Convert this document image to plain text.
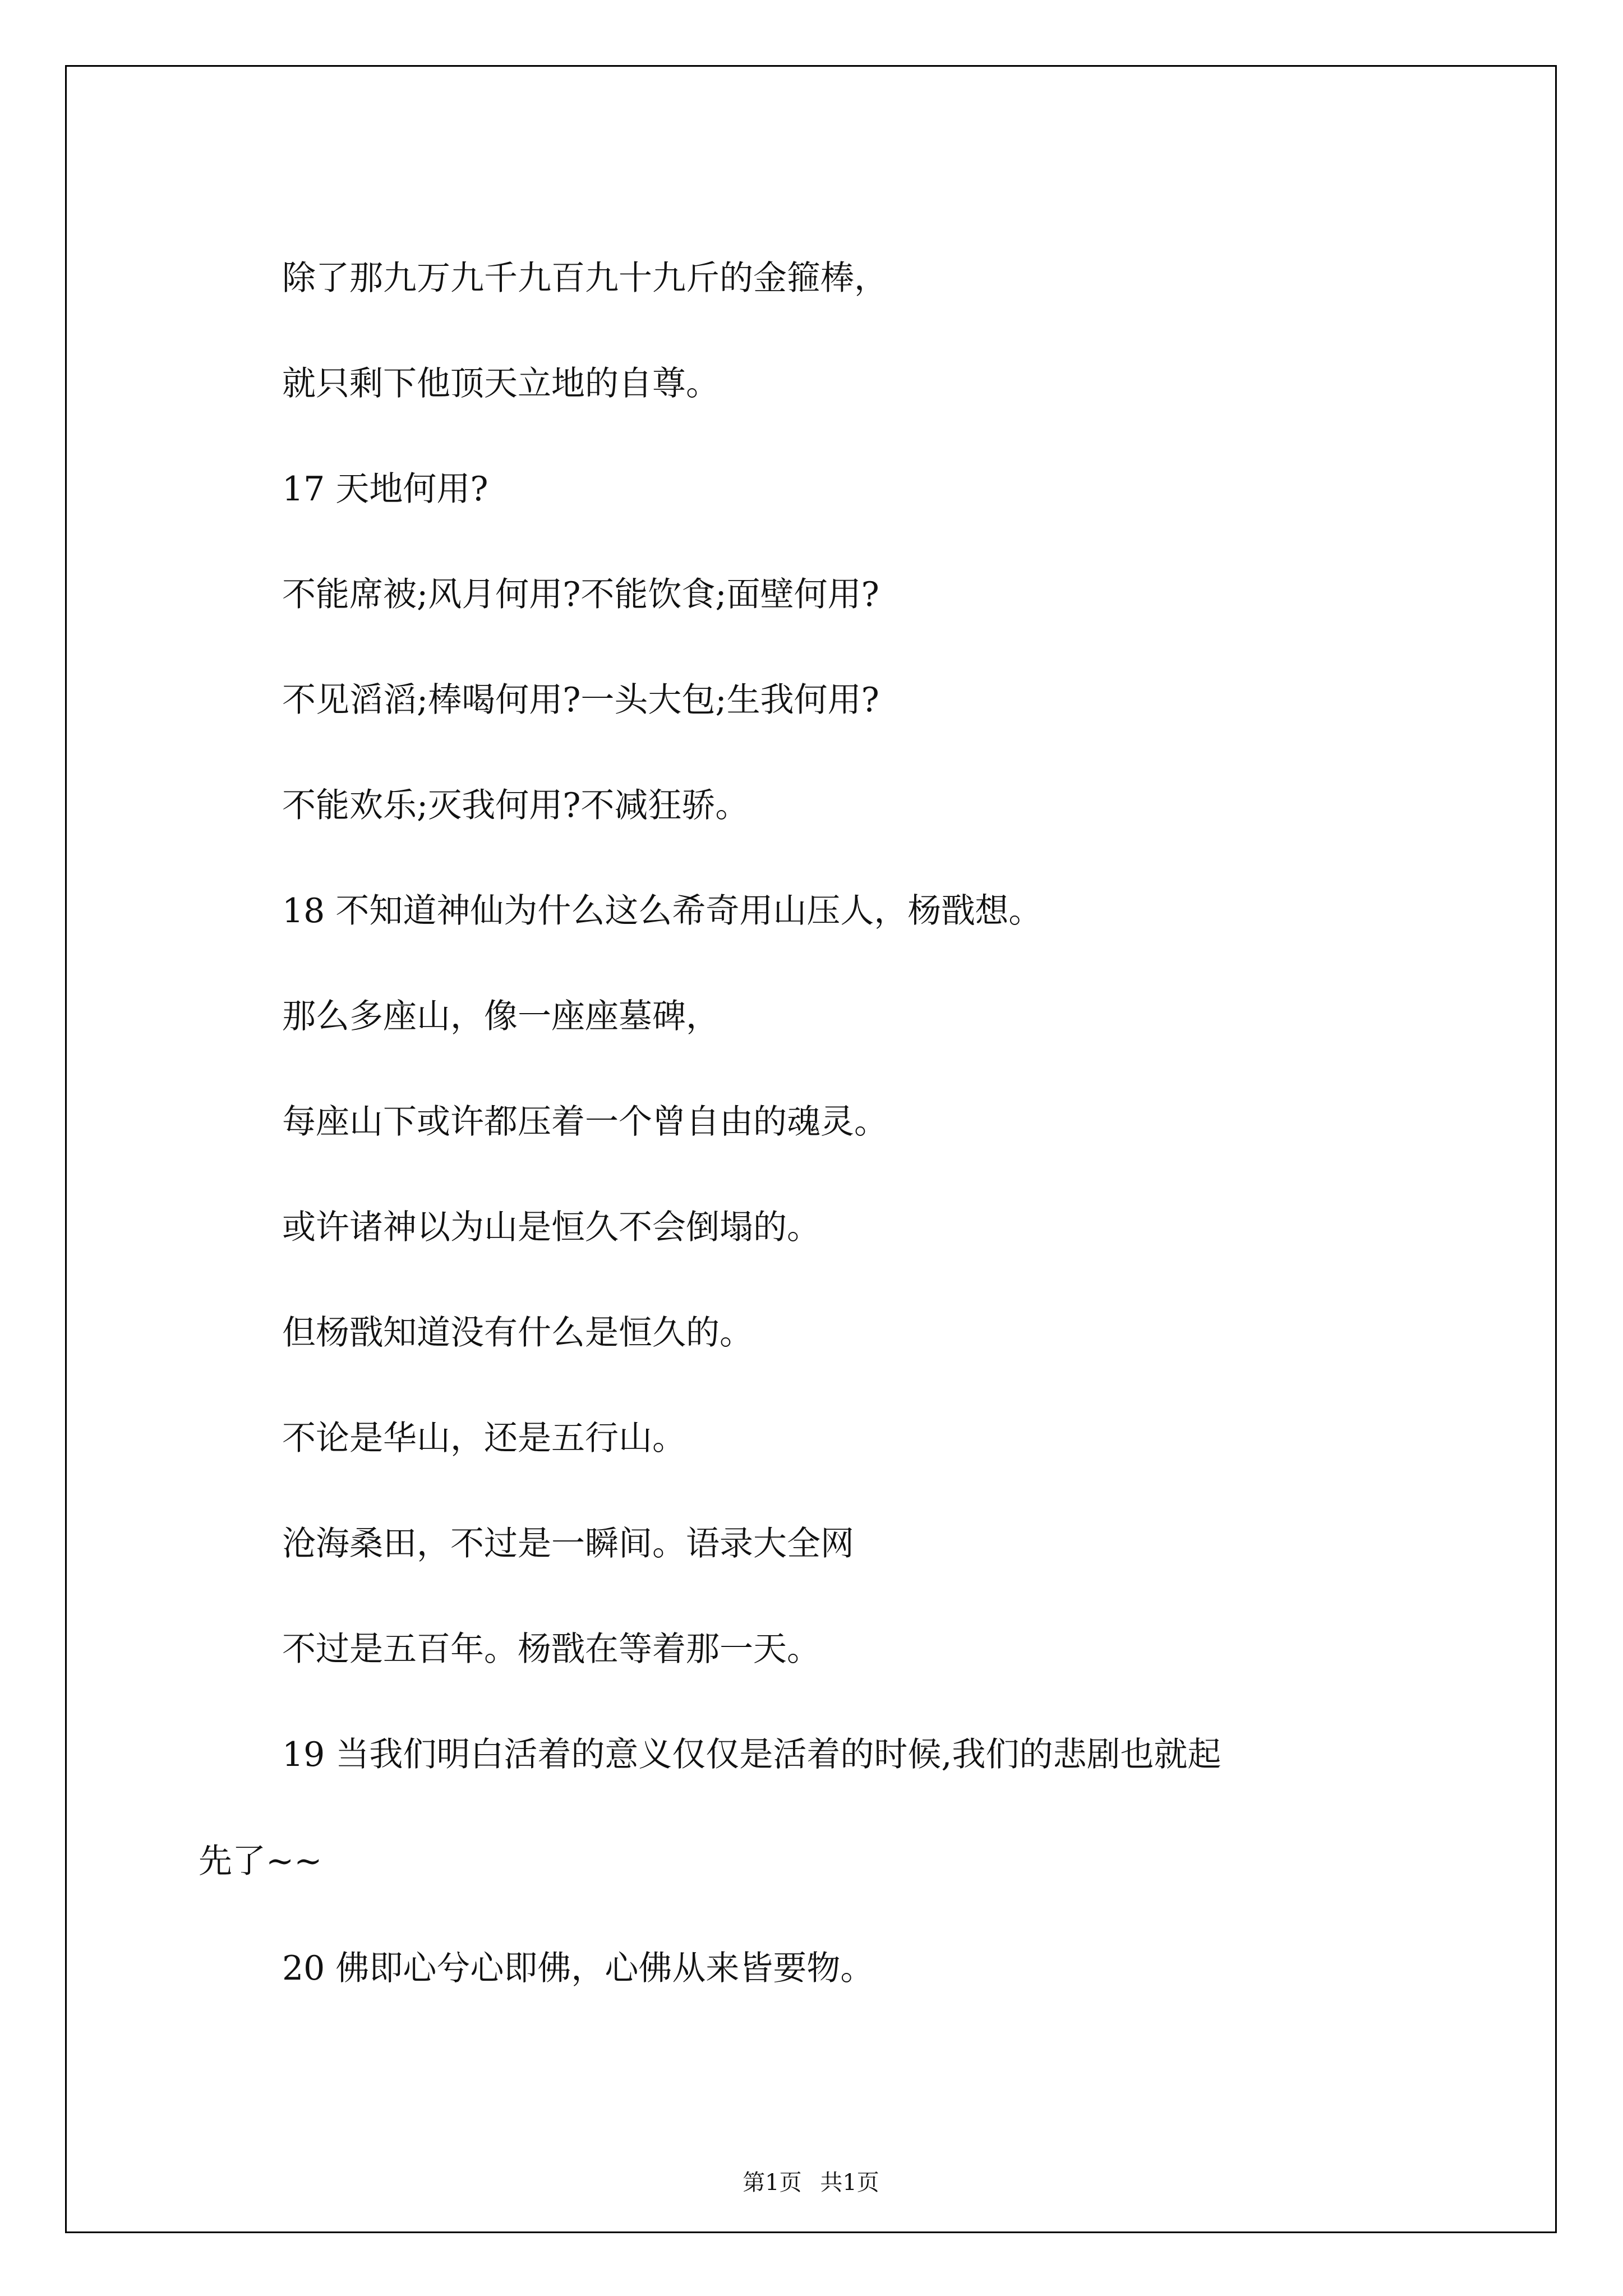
除了那九万九千九百九十九斤的金箍棒，
就只剩下他顶天立地的自尊。
17 天地何用?
不能席被;风月何用?不能饮食;面壁何用?
不见滔滔;棒喝何用?一头大包;生我何用?
不能欢乐;灭我何用?不减狂骄。
18 不知道神仙为什么这么希奇用山压人，杨戬想。
那么多座山，像一座座墓碑，
每座山下或许都压着一个曾自由的魂灵。
或许诸神以为山是恒久不会倒塌的。
但杨戬知道没有什么是恒久的。
不论是华山，还是五行山。
沧海桑田，不过是一瞬间。语录大全网
不过是五百年。杨戬在等着那一天。
19 当我们明白活着的意义仅仅是活着的时候,我们的悲剧也就起
先了~~
20 佛即心兮心即佛，心佛从来皆要物。
第1页 共1页
